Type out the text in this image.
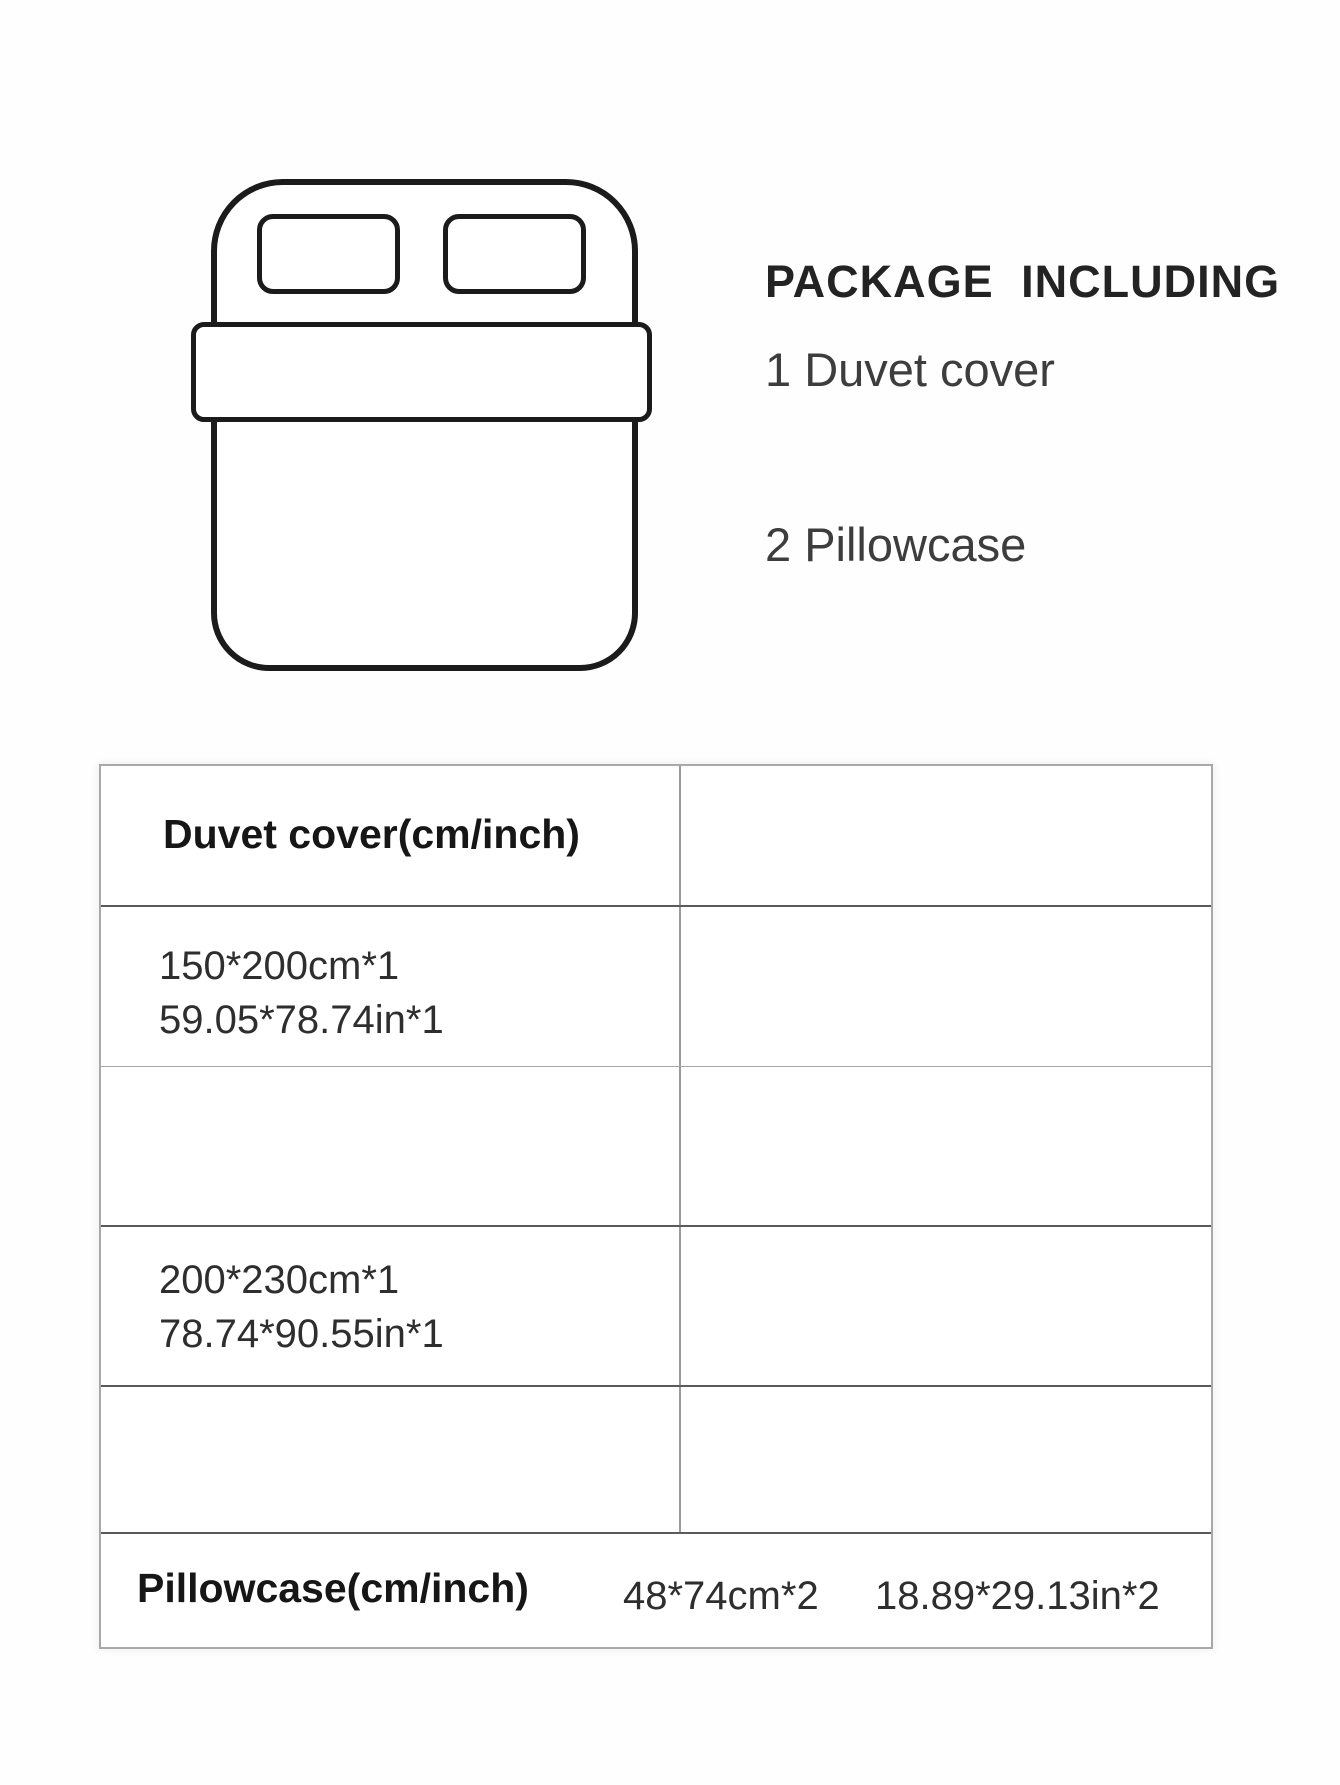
PACKAGE INCLUDING
1 Duvet cover
2 Pillowcase
Duvet cover(cm/inch)
150*200cm*1
59.05*78.74in*1
200*230cm*1
78.74*90.55in*1
Pillowcase(cm/inch) 48*74cm*2 18.89*29.13in*2
